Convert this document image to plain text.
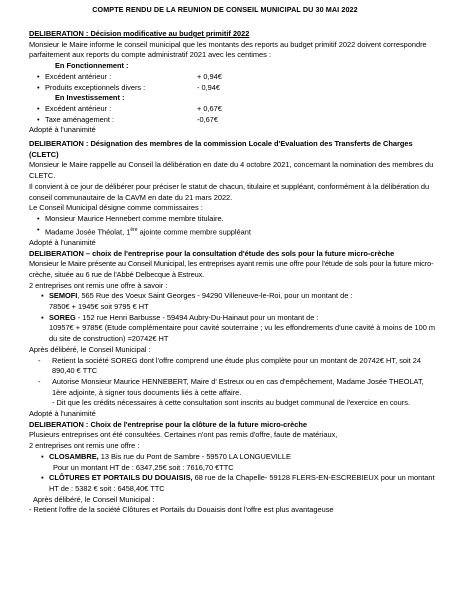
COMPTE RENDU DE LA REUNION DE CONSEIL MUNICIPAL DU 30 MAI 2022

DELIBERATION : Décision modificative au budget primitif 2022

Monsieur le Maire informe le conseil municipal que les montants des reports au budget primitif 2022 doivent correspondre parfaitement aux reports du compte administratif 2021 avec les centimes :

En Fonctionnement :

• Excédent antérieur :	+ 0,94€
• Produits exceptionnels divers :	- 0,94€

En Investissement :

• Excédent antérieur :	+ 0,67€
• Taxe aménagement :	-0,67€

Adopté à l'unanimité

DELIBERATION : Désignation des membres de la commission Locale d'Evaluation des Transferts de Charges (CLETC)

Monsieur le Maire rappelle au Conseil la délibération en date du 4 octobre 2021, concernant la nomination des membres du CLETC.

Il convient à ce jour de délibérer pour préciser le statut de chacun, titulaire et suppléant, conformément à la délibération du conseil communautaire de la CAVM en date du 21 mars 2022.

Le Conseil Municipal désigne comme commissaires :

• Monsieur Maurice Hennebert comme membre titulaire.
• Madame Josée Théolat, 1ère ajointe comme membre suppléant

Adopté à l'unanimité

DELIBERATION – choix de l'entreprise pour la consultation d'étude des sols pour la future micro-crèche

Monsieur le Maire présente au Conseil Municipal, les entreprises ayant remis une offre pour l'étude de sols pour la future micro-crèche, située au 6 rue de l'Abbé Delbecque à Estreux.

2 entreprises ont remis une offre à savoir :

▪ SEMOFI, 565 Rue des Voeux Saint Georges - 94290 Villeneuve-le-Roi, pour un montant de :
7850€ + 1945€ soit 9795 € HT
▪ SOREG - 152 rue Henri Barbusse - 59494 Aubry-Du-Hainaut pour un montant de :
10957€ + 9785€ (Etude complémentaire pour cavité souterraine ; vu les effondrements d'une cavité à moins de 100 m du site de construction) =20742€ HT

Après délibéré, le Conseil Municipal :

-	Retient la société SOREG dont l'offre comprend une étude plus complète pour un montant de 20742€ HT, soit 24 890,40 € TTC
-	Autorise Monsieur Maurice HENNEBERT, Maire d' Estreux ou en cas d'empêchement, Madame Josée THEOLAT, 1ère adjointe, à signer tous documents liés à cette affaire.
- Dit que les crédits nécessaires à cette consultation sont inscrits au budget communal de l'exercice en cours.

Adopté à l'unanimité

DELIBERATION : Choix de l'entreprise pour la clôture de la future micro-crèche

Plusieurs entreprises ont été consultées. Certaines n'ont pas remis d'offre, faute de matériaux,

2 entreprises ont remis une offre :

▪ CLOSAMBRE, 13 Bis rue du Pont de Sambre - 59570 LA LONGUEVILLE
Pour un montant HT de : 6347,25€ soit : 7616,70 €TTC
▪ CLÔTURES ET PORTAILS DU DOUAISIS, 68 rue de la Chapelle- 59128 FLERS-EN-ESCREBIEUX pour un montant HT de : 5382 € soit : 6458,40€ TTC

Après délibéré, le Conseil Municipal :

- Retient l'offre de la société Clôtures et Portails du Douaisis dont l'offre est plus avantageuse
